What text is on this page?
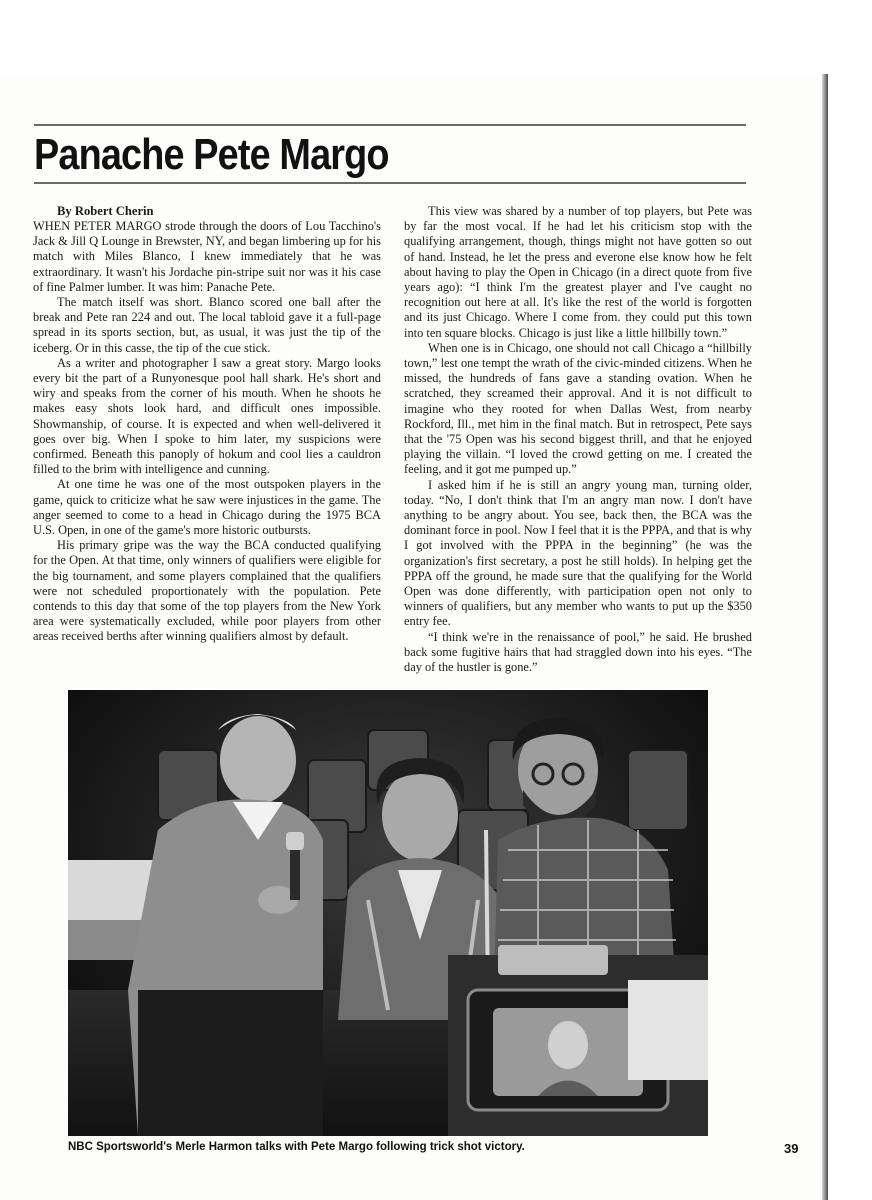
Panache Pete Margo

By Robert Cherin

WHEN PETER MARGO strode through the doors of Lou Tacchino's Jack & Jill Q Lounge in Brewster, NY, and began limbering up for his match with Miles Blanco, I knew immediately that he was extraordinary. It wasn't his Jordache pin-stripe suit nor was it his case of fine Palmer lumber. It was him: Panache Pete.

The match itself was short. Blanco scored one ball after the break and Pete ran 224 and out. The local tabloid gave it a full-page spread in its sports section, but, as usual, it was just the tip of the iceberg. Or in this casse, the tip of the cue stick.

As a writer and photographer I saw a great story. Margo looks every bit the part of a Runyonesque pool hall shark. He's short and wiry and speaks from the corner of his mouth. When he shoots he makes easy shots look hard, and difficult ones impossible. Showmanship, of course. It is expected and when well-delivered it goes over big. When I spoke to him later, my suspicions were confirmed. Beneath this panoply of hokum and cool lies a cauldron filled to the brim with intelligence and cunning.

At one time he was one of the most outspoken players in the game, quick to criticize what he saw were injustices in the game. The anger seemed to come to a head in Chicago during the 1975 BCA U.S. Open, in one of the game's more historic outbursts.

His primary gripe was the way the BCA conducted qualifying for the Open. At that time, only winners of qualifiers were eligible for the big tournament, and some players complained that the qualifiers were not scheduled proportionately with the population. Pete contends to this day that some of the top players from the New York area were systematically excluded, while poor players from other areas received berths after winning qualifiers almost by default.

This view was shared by a number of top players, but Pete was by far the most vocal. If he had let his criticism stop with the qualifying arrangement, though, things might not have gotten so out of hand. Instead, he let the press and everone else know how he felt about having to play the Open in Chicago (in a direct quote from five years ago): “I think I'm the greatest player and I've caught no recognition out here at all. It's like the rest of the world is forgotten and its just Chicago. Where I come from. they could put this town into ten square blocks. Chicago is just like a little hillbilly town.”

When one is in Chicago, one should not call Chicago a “hillbilly town,” lest one tempt the wrath of the civic-minded citizens. When he missed, the hundreds of fans gave a standing ovation. When he scratched, they screamed their approval. And it is not difficult to imagine who they rooted for when Dallas West, from nearby Rockford, Ill., met him in the final match. But in retrospect, Pete says that the '75 Open was his second biggest thrill, and that he enjoyed playing the villain. “I loved the crowd getting on me. I created the feeling, and it got me pumped up.”

I asked him if he is still an angry young man, turning older, today. “No, I don't think that I'm an angry man now. I don't have anything to be angry about. You see, back then, the BCA was the dominant force in pool. Now I feel that it is the PPPA, and that is why I got involved with the PPPA in the beginning” (he was the organization's first secretary, a post he still holds). In helping get the PPPA off the ground, he made sure that the qualifying for the World Open was done differently, with participation open not only to winners of qualifiers, but any member who wants to put up the $350 entry fee.

“I think we're in the renaissance of pool,” he said. He brushed back some fugitive hairs that had straggled down into his eyes. “The day of the hustler is gone.”

NBC Sportsworld's Merle Harmon talks with Pete Margo following trick shot victory.	39
